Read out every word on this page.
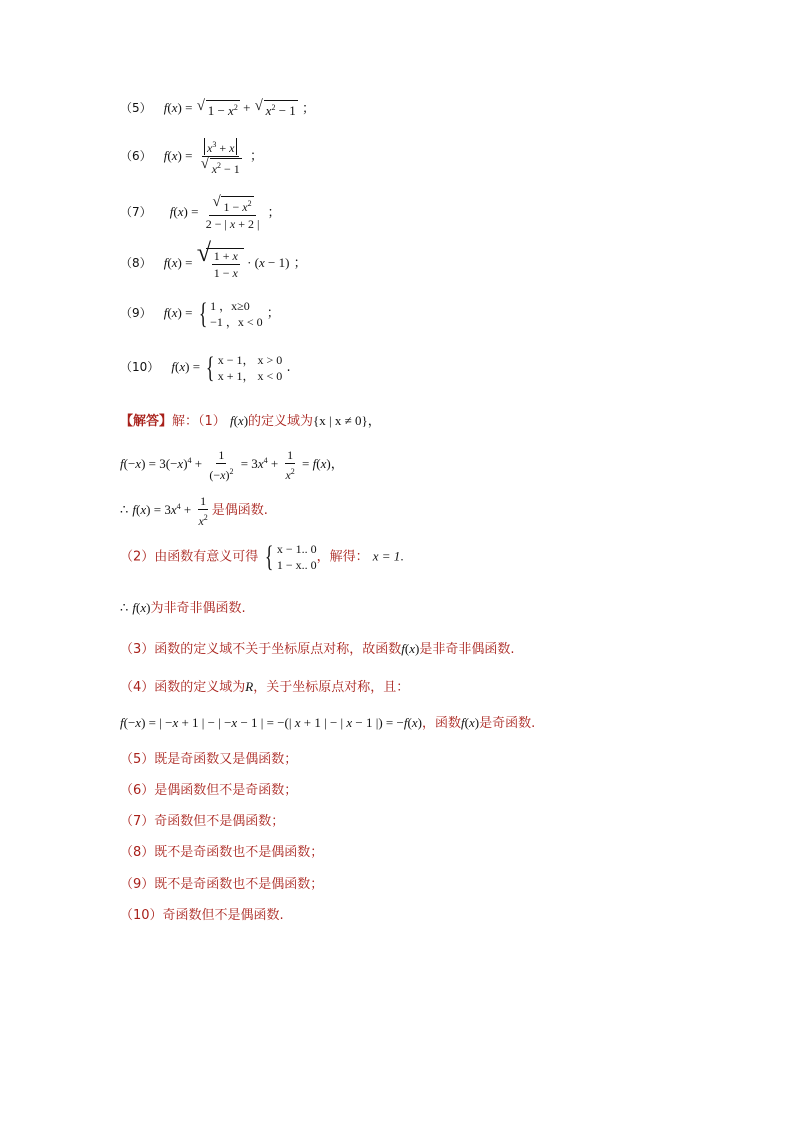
（5） f(x) = √ $1 - x^2$ + √ $x^2 - 1$ ；
（6） $f(x) = \frac{x^3 + x}{√ x^2 - 1}$ ；
（7） $f(x) = \frac{√ 1 - x^2}{2 - | x + 2 |}$ ；
（8） f(x) = √ $\frac{1 + x}{1 - x} \cdot (x - 1)$ ；
（9） f(x) = { 1 ，x≥0
−1 ，x < 0
；
（10） f(x) = { x − 1， x > 0
x + 1， x < 0
.
【解答】解：（1） f(x)的定义域为{x | x ≠ 0}，
$f(-x) = 3(-x)^4 + \frac{1}{(-x)^2} = 3x^4 + \frac{1}{x^2} = f(x)$，
∴ $f(x) = 3x^4 + \frac{1}{x^2}$ 是偶函数.
（2）由函数有意义可得 { x − 1.. 0
1 − x.. 0
，解得： x = 1.
∴ f(x)为非奇非偶函数.
（3）函数的定义域不关于坐标原点对称，故函数f(x)是非奇非偶函数.
（4）函数的定义域为R，关于坐标原点对称，且：
f(−x) = | −x + 1 | − | −x − 1 | = −(| x + 1 | − | x − 1 |) = −f(x)，函数f(x)是奇函数.
（5）既是奇函数又是偶函数；
（6）是偶函数但不是奇函数；
（7）奇函数但不是偶函数；
（8）既不是奇函数也不是偶函数；
（9）既不是奇函数也不是偶函数；
（10）奇函数但不是偶函数.
